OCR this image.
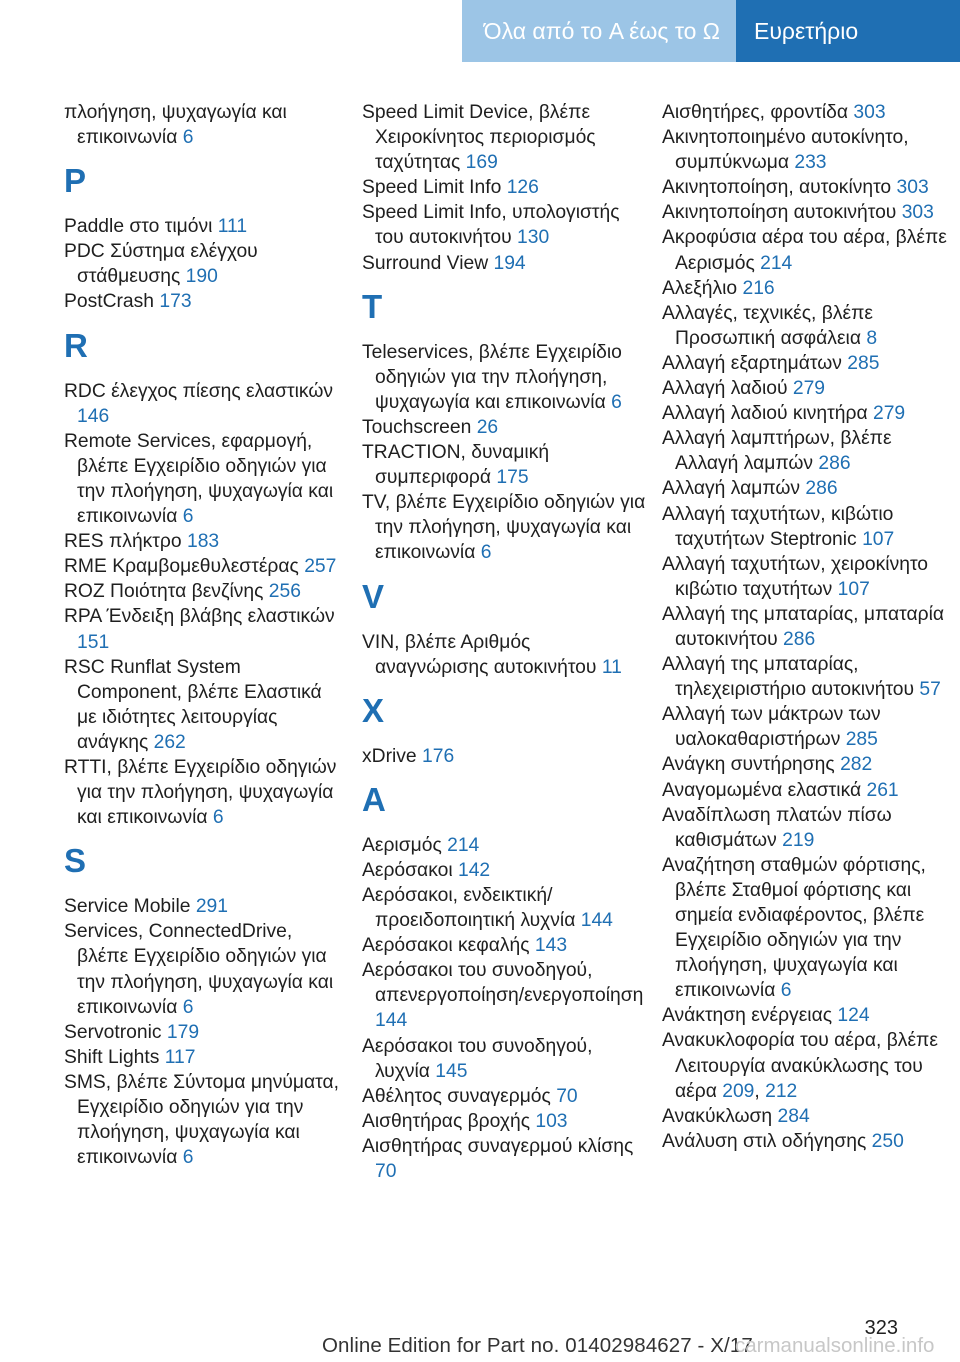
Όλα από το A έως το Ω	Ευρετήριο
πλοήγηση, ψυχαγωγία και επικοινωνία 6
P
Paddle στο τιμόνι 111
PDC Σύστημα ελέγχου στάθμευσης 190
PostCrash 173
R
RDC έλεγχος πίεσης ελαστικών 146
Remote Services, εφαρμογή, βλέπε Εγχειρίδιο οδηγιών για την πλοήγηση, ψυχαγωγία και επικοινωνία 6
RES πλήκτρο 183
RME Κραμβομεθυλεστέρας 257
ROZ Ποιότητα βενζίνης 256
RPA Ένδειξη βλάβης ελαστικών 151
RSC Runflat System Component, βλέπε Ελαστικά με ιδιότητες λειτουργίας ανάγκης 262
RTTI, βλέπε Εγχειρίδιο οδηγιών για την πλοήγηση, ψυχαγωγία και επικοινωνία 6
S
Service Mobile 291
Services, ConnectedDrive, βλέπε Εγχειρίδιο οδηγιών για την πλοήγηση, ψυχαγωγία και επικοινωνία 6
Servotronic 179
Shift Lights 117
SMS, βλέπε Σύντομα μηνύματα, Εγχειρίδιο οδηγιών για την πλοήγηση, ψυχαγωγία και επικοινωνία 6
Speed Limit Device, βλέπε Χειροκίνητος περιορισμός ταχύτητας 169
Speed Limit Info 126
Speed Limit Info, υπολογιστής του αυτοκινήτου 130
Surround View 194
T
Teleservices, βλέπε Εγχειρίδιο οδηγιών για την πλοήγηση, ψυχαγωγία και επικοινωνία 6
Touchscreen 26
TRACTION, δυναμική συμπεριφορά 175
TV, βλέπε Εγχειρίδιο οδηγιών για την πλοήγηση, ψυχαγωγία και επικοινωνία 6
V
VIN, βλέπε Αριθμός αναγνώρισης αυτοκινήτου 11
X
xDrive 176
A
Αερισμός 214
Αερόσακοι 142
Αερόσακοι, ενδεικτική/προειδοποιητική λυχνία 144
Αερόσακοι κεφαλής 143
Αερόσακοι του συνοδηγού, απενεργοποίηση/ενεργοποίηση 144
Αερόσακοι του συνοδηγού, λυχνία 145
Αθέλητος συναγερμός 70
Αισθητήρας βροχής 103
Αισθητήρας συναγερμού κλίσης 70
Αισθητήρες, φροντίδα 303
Ακινητοποιημένο αυτοκίνητο, συμπύκνωμα 233
Ακινητοποίηση, αυτοκίνητο 303
Ακινητοποίηση αυτοκινήτου 303
Ακροφύσια αέρα του αέρα, βλέπε Αερισμός 214
Αλεξήλιο 216
Αλλαγές, τεχνικές, βλέπε Προσωπική ασφάλεια 8
Αλλαγή εξαρτημάτων 285
Αλλαγή λαδιού 279
Αλλαγή λαδιού κινητήρα 279
Αλλαγή λαμπτήρων, βλέπε Αλλαγή λαμπών 286
Αλλαγή λαμπών 286
Αλλαγή ταχυτήτων, κιβώτιο ταχυτήτων Steptronic 107
Αλλαγή ταχυτήτων, χειροκίνητο κιβώτιο ταχυτήτων 107
Αλλαγή της μπαταρίας, μπαταρία αυτοκινήτου 286
Αλλαγή της μπαταρίας, τηλεχειριστήριο αυτοκινήτου 57
Αλλαγή των μάκτρων των υαλοκαθαριστήρων 285
Ανάγκη συντήρησης 282
Αναγομωμένα ελαστικά 261
Αναδίπλωση πλατών πίσω καθισμάτων 219
Αναζήτηση σταθμών φόρτισης, βλέπε Σταθμοί φόρτισης και σημεία ενδιαφέροντος, βλέπε Εγχειρίδιο οδηγιών για την πλοήγηση, ψυχαγωγία και επικοινωνία 6
Ανάκτηση ενέργειας 124
Ανακυκλοφορία του αέρα, βλέπε Λειτουργία ανακύκλωσης του αέρα 209, 212
Ανακύκλωση 284
Ανάλυση στιλ οδήγησης 250
323
Online Edition for Part no. 01402984627 - X/17
carmanualsonline.info
